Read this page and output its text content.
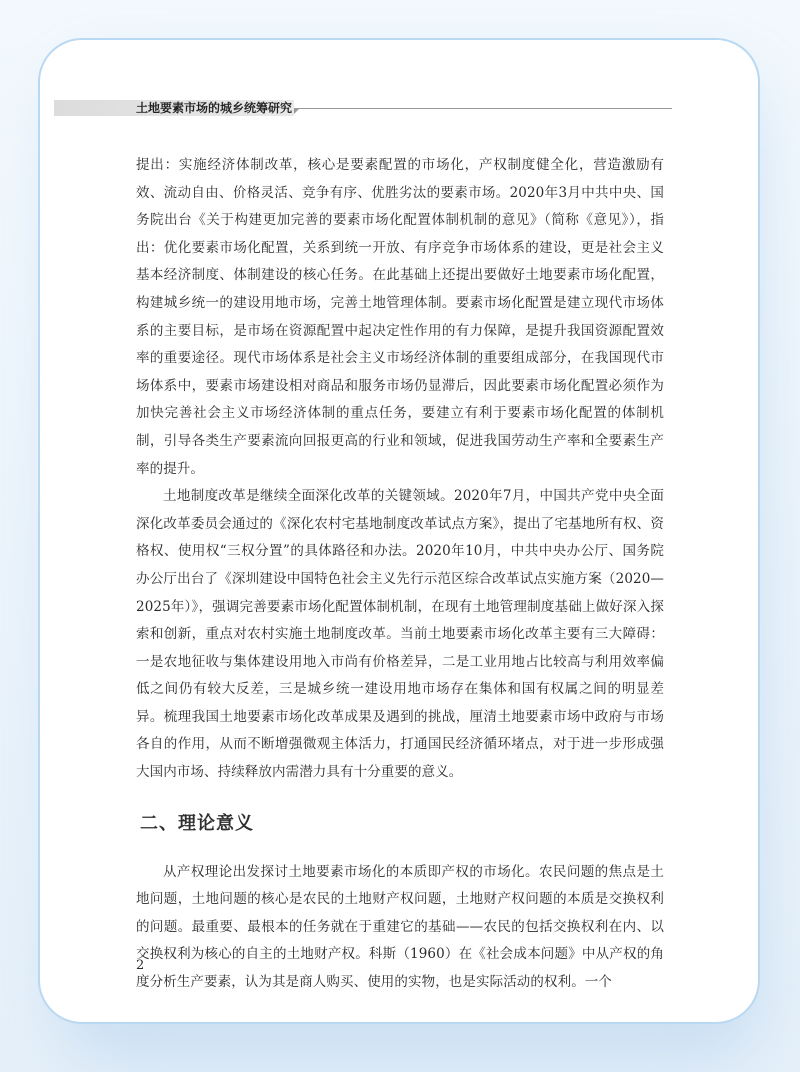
土地要素市场的城乡统筹研究

提出：实施经济体制改革，核心是要素配置的市场化，产权制度健全化，营造激励有效、流动自由、价格灵活、竞争有序、优胜劣汰的要素市场。2020年3月中共中央、国务院出台《关于构建更加完善的要素市场化配置体制机制的意见》（简称《意见》），指出：优化要素市场化配置，关系到统一开放、有序竞争市场体系的建设，更是社会主义基本经济制度、体制建设的核心任务。在此基础上还提出要做好土地要素市场化配置，构建城乡统一的建设用地市场，完善土地管理体制。要素市场化配置是建立现代市场体系的主要目标，是市场在资源配置中起决定性作用的有力保障，是提升我国资源配置效率的重要途径。现代市场体系是社会主义市场经济体制的重要组成部分，在我国现代市场体系中，要素市场建设相对商品和服务市场仍显滞后，因此要素市场化配置必须作为加快完善社会主义市场经济体制的重点任务，要建立有利于要素市场化配置的体制机制，引导各类生产要素流向回报更高的行业和领域，促进我国劳动生产率和全要素生产率的提升。

土地制度改革是继续全面深化改革的关键领域。2020年7月，中国共产党中央全面深化改革委员会通过的《深化农村宅基地制度改革试点方案》，提出了宅基地所有权、资格权、使用权“三权分置”的具体路径和办法。2020年10月，中共中央办公厅、国务院办公厅出台了《深圳建设中国特色社会主义先行示范区综合改革试点实施方案（2020—2025年）》，强调完善要素市场化配置体制机制，在现有土地管理制度基础上做好深入探索和创新，重点对农村实施土地制度改革。当前土地要素市场化改革主要有三大障碍：一是农地征收与集体建设用地入市尚有价格差异，二是工业用地占比较高与利用效率偏低之间仍有较大反差，三是城乡统一建设用地市场存在集体和国有权属之间的明显差异。梳理我国土地要素市场化改革成果及遇到的挑战，厘清土地要素市场中政府与市场各自的作用，从而不断增强微观主体活力，打通国民经济循环堵点，对于进一步形成强大国内市场、持续释放内需潜力具有十分重要的意义。

二、理论意义

从产权理论出发探讨土地要素市场化的本质即产权的市场化。农民问题的焦点是土地问题，土地问题的核心是农民的土地财产权问题，土地财产权问题的本质是交换权利的问题。最重要、最根本的任务就在于重建它的基础——农民的包括交换权利在内、以交换权利为核心的自主的土地财产权。科斯（1960）在《社会成本问题》中从产权的角度分析生产要素，认为其是商人购买、使用的实物，也是实际活动的权利。一个

2
